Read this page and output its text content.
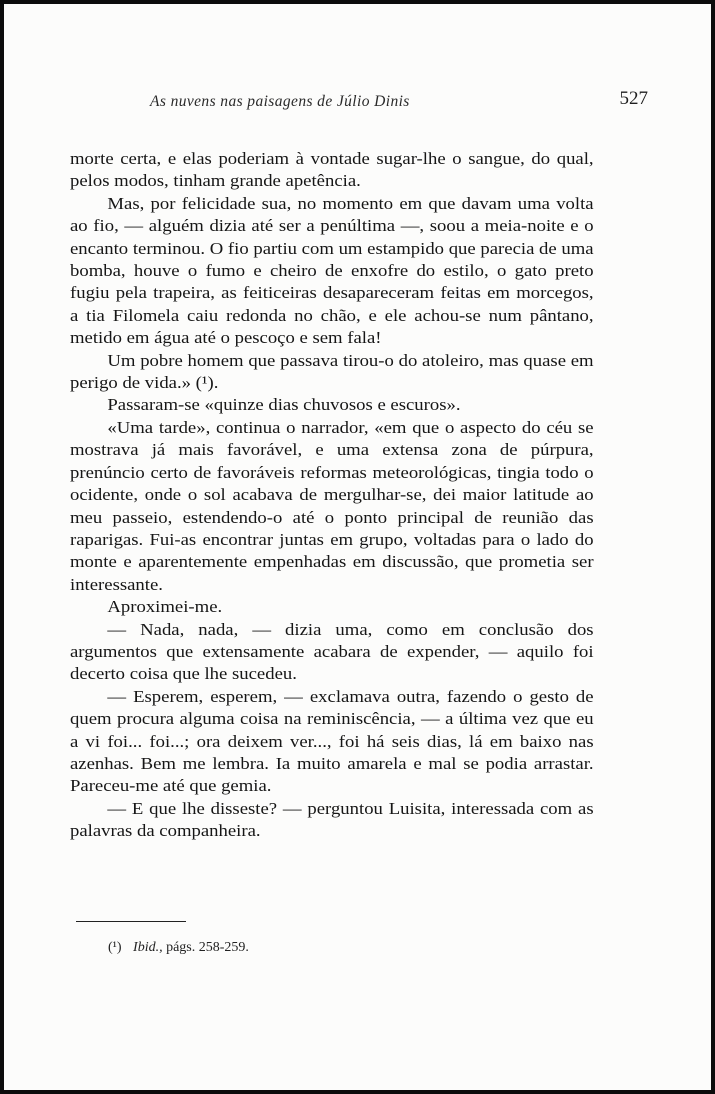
As nuvens nas paisagens de Júlio Dinis	527

morte certa, e elas poderiam à vontade sugar-lhe o sangue, do qual, pelos modos, tinham grande apetência.

Mas, por felicidade sua, no momento em que davam uma volta ao fio, — alguém dizia até ser a penúltima —, soou a meia-noite e o encanto terminou. O fio partiu com um estampido que parecia de uma bomba, houve o fumo e cheiro de enxofre do estilo, o gato preto fugiu pela trapeira, as feiticeiras desapareceram feitas em morcegos, a tia Filomela caiu redonda no chão, e ele achou-se num pântano, metido em água até o pescoço e sem fala!

Um pobre homem que passava tirou-o do atoleiro, mas quase em perigo de vida.» (¹).

Passaram-se «quinze dias chuvosos e escuros».

«Uma tarde», continua o narrador, «em que o aspecto do céu se mostrava já mais favorável, e uma extensa zona de púrpura, prenúncio certo de favoráveis reformas meteorológicas, tingia todo o ocidente, onde o sol acabava de mergulhar-se, dei maior latitude ao meu passeio, estendendo-o até o ponto principal de reunião das raparigas. Fui-as encontrar juntas em grupo, voltadas para o lado do monte e aparentemente empenhadas em discussão, que prometia ser interessante.

Aproximei-me.

— Nada, nada, — dizia uma, como em conclusão dos argumentos que extensamente acabara de expender, — aquilo foi decerto coisa que lhe sucedeu.

— Esperem, esperem, — exclamava outra, fazendo o gesto de quem procura alguma coisa na reminiscência, — a última vez que eu a vi foi... foi...; ora deixem ver..., foi há seis dias, lá em baixo nas azenhas. Bem me lembra. Ia muito amarela e mal se podia arrastar. Pareceu-me até que gemia.

— E que lhe disseste? — perguntou Luisita, interessada com as palavras da companheira.

(¹) Ibid., págs. 258-259.
